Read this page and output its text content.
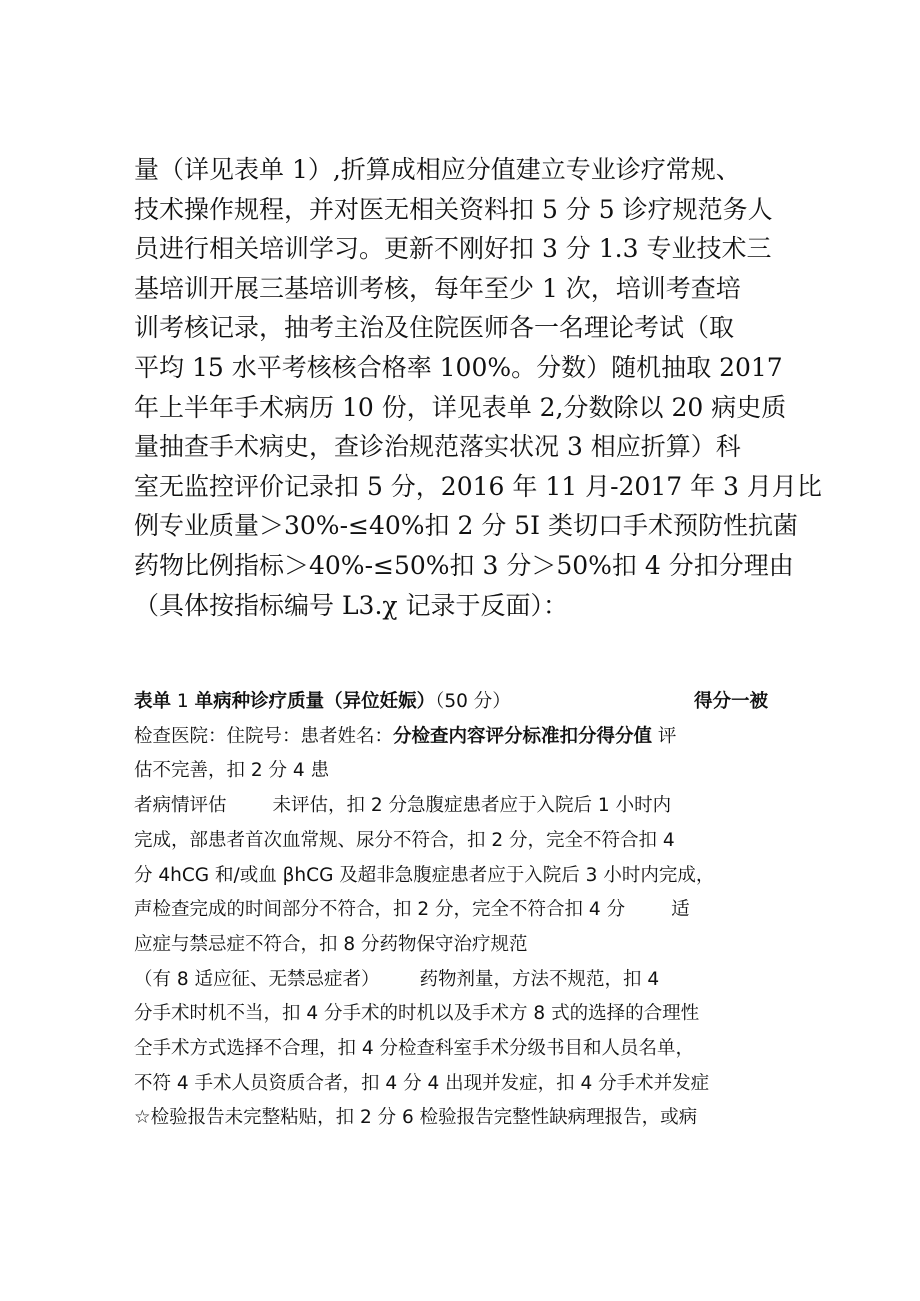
量（详见表单 1）,折算成相应分值建立专业诊疗常规、
技术操作规程，并对医无相关资料扣 5 分 5 诊疗规范务人
员进行相关培训学习。更新不刚好扣 3 分 1.3 专业技术三
基培训开展三基培训考核，每年至少 1 次，培训考查培
训考核记录，抽考主治及住院医师各一名理论考试（取
平均 15 水平考核核合格率 100%。分数）随机抽取 2017
年上半年手术病历 10 份，详见表单 2,分数除以 20 病史质
量抽查手术病史，查诊治规范落实状况 3 相应折算）科
室无监控评价记录扣 5 分，2016 年 11 月-2017 年 3 月月比
例专业质量＞30%-≤40%扣 2 分 5I 类切口手术预防性抗菌
药物比例指标＞40%-≤50%扣 3 分＞50%扣 4 分扣分理由
（具体按指标编号 L3.χ 记录于反面）：
表单 1 单病种诊疗质量（异位妊娠）（50 分）	得分一被
检查医院：住院号：患者姓名：分检查内容评分标准扣分得分值 评
估不完善，扣 2 分 4 患
者病情评估 未评估，扣 2 分急腹症患者应于入院后 1 小时内
完成，部患者首次血常规、尿分不符合，扣 2 分，完全不符合扣 4
分 4hCG 和/或血 βhCG 及超非急腹症患者应于入院后 3 小时内完成，
声检查完成的时间部分不符合，扣 2 分，完全不符合扣 4 分 适
应症与禁忌症不符合，扣 8 分药物保守治疗规范
（有 8 适应征、无禁忌症者） 药物剂量，方法不规范，扣 4
分手术时机不当，扣 4 分手术的时机以及手术方 8 式的选择的合理性
仝手术方式选择不合理，扣 4 分检查科室手术分级书目和人员名单，
不符 4 手术人员资质合者，扣 4 分 4 出现并发症，扣 4 分手术并发症
☆检验报告未完整粘贴，扣 2 分 6 检验报告完整性缺病理报告，或病
